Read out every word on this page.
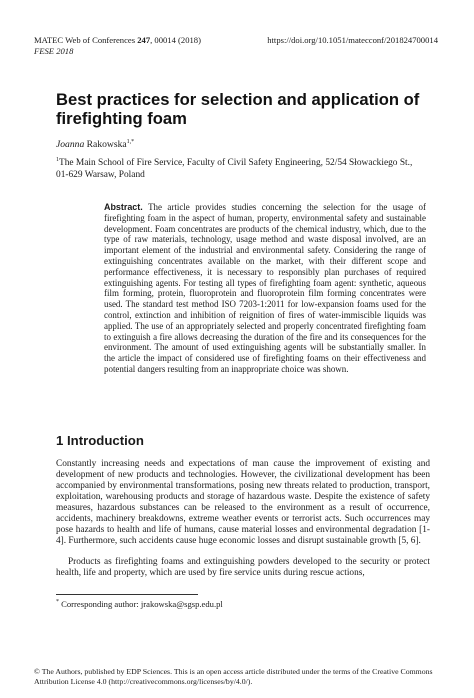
MATEC Web of Conferences 247, 00014 (2018)	https://doi.org/10.1051/matecconf/201824700014
FESE 2018
Best practices for selection and application of firefighting foam
Joanna Rakowska$^{1,*}$
$^1$The Main School of Fire Service, Faculty of Civil Safety Engineering, 52/54 Słowackiego St., 01-629 Warsaw, Poland
Abstract. The article provides studies concerning the selection for the usage of firefighting foam in the aspect of human, property, environmental safety and sustainable development. Foam concentrates are products of the chemical industry, which, due to the type of raw materials, technology, usage method and waste disposal involved, are an important element of the industrial and environmental safety. Considering the range of extinguishing concentrates available on the market, with their different scope and performance effectiveness, it is necessary to responsibly plan purchases of required extinguishing agents. For testing all types of firefighting foam agent: synthetic, aqueous film forming, protein, fluoroprotein and fluoroprotein film forming concentrates were used. The standard test method ISO 7203-1:2011 for low-expansion foams used for the control, extinction and inhibition of reignition of fires of water-immiscible liquids was applied. The use of an appropriately selected and properly concentrated firefighting foam to extinguish a fire allows decreasing the duration of the fire and its consequences for the environment. The amount of used extinguishing agents will be substantially smaller. In the article the impact of considered use of firefighting foams on their effectiveness and potential dangers resulting from an inappropriate choice was shown.
1 Introduction
Constantly increasing needs and expectations of man cause the improvement of existing and development of new products and technologies. However, the civilizational development has been accompanied by environmental transformations, posing new threats related to production, transport, exploitation, warehousing products and storage of hazardous waste. Despite the existence of safety measures, hazardous substances can be released to the environment as a result of occurrence, accidents, machinery breakdowns, extreme weather events or terrorist acts. Such occurrences may pose hazards to health and life of humans, cause material losses and environmental degradation [1-4]. Furthermore, such accidents cause huge economic losses and disrupt sustainable growth [5, 6].
Products as firefighting foams and extinguishing powders developed to the security or protect health, life and property, which are used by fire service units during rescue actions,
* Corresponding author: jrakowska@sgsp.edu.pl
© The Authors, published by EDP Sciences. This is an open access article distributed under the terms of the Creative Commons Attribution License 4.0 (http://creativecommons.org/licenses/by/4.0/).
